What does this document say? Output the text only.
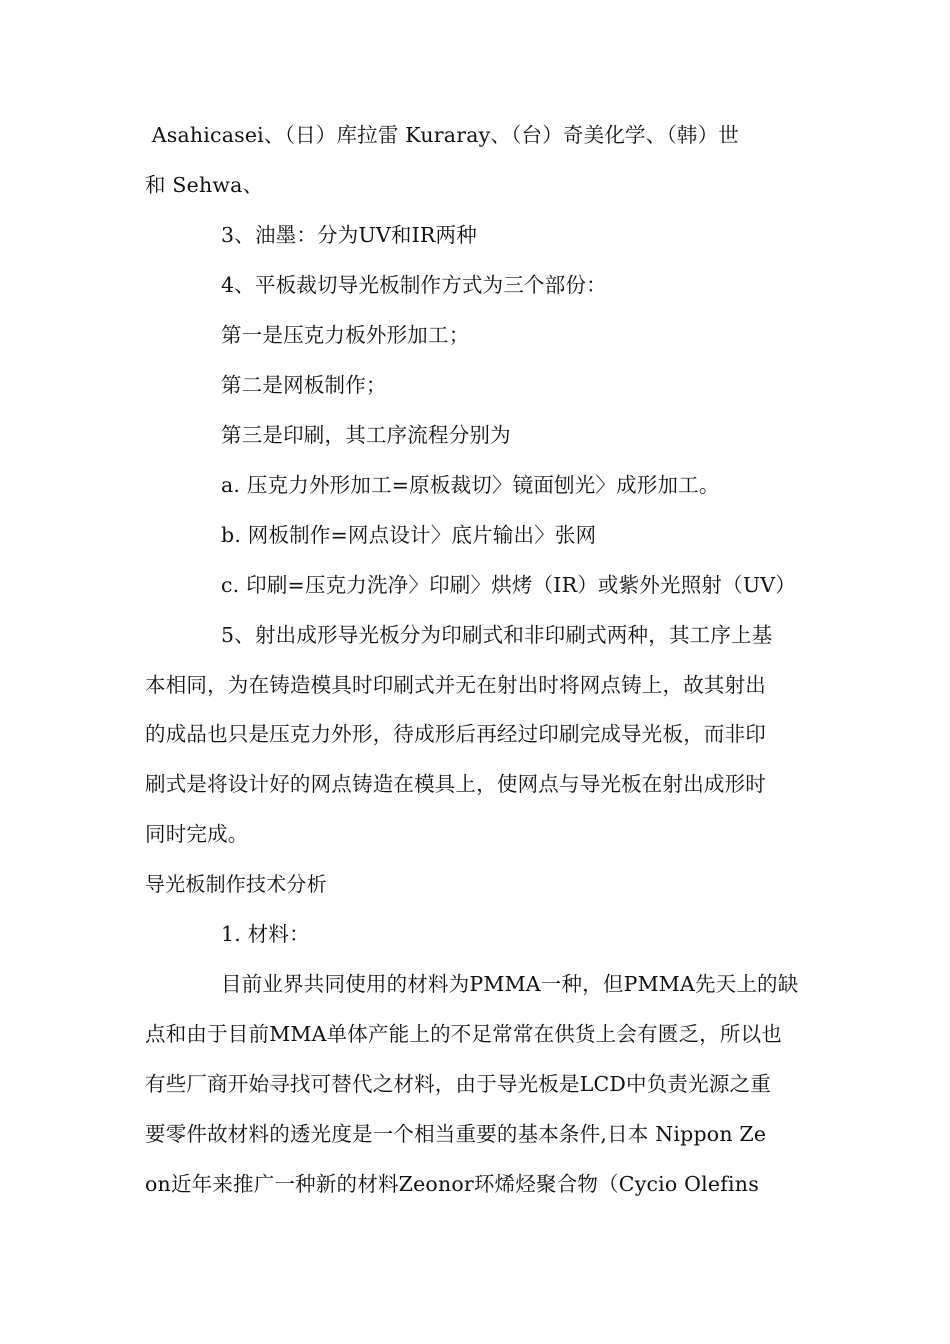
Asahicasei、（日）库拉雷 Kuraray、（台）奇美化学、（韩）世
和 Sehwa、
3、油墨：分为UV和IR两种
4、平板裁切导光板制作方式为三个部份：
第一是压克力板外形加工；
第二是网板制作；
第三是印刷，其工序流程分别为
a. 压克力外形加工=原板裁切〉镜面刨光〉成形加工。
b. 网板制作=网点设计〉底片输出〉张网
c. 印刷=压克力洗净〉印刷〉烘烤（IR）或紫外光照射（UV）
5、射出成形导光板分为印刷式和非印刷式两种，其工序上基
本相同，为在铸造模具时印刷式并无在射出时将网点铸上，故其射出
的成品也只是压克力外形，待成形后再经过印刷完成导光板，而非印
刷式是将设计好的网点铸造在模具上，使网点与导光板在射出成形时
同时完成。
导光板制作技术分析
1. 材料：
目前业界共同使用的材料为PMMA一种，但PMMA先天上的缺
点和由于目前MMA单体产能上的不足常常在供货上会有匮乏，所以也
有些厂商开始寻找可替代之材料，由于导光板是LCD中负责光源之重
要零件故材料的透光度是一个相当重要的基本条件,日本 Nippon Ze
on近年来推广一种新的材料Zeonor环烯烃聚合物（Cycio Olefins
